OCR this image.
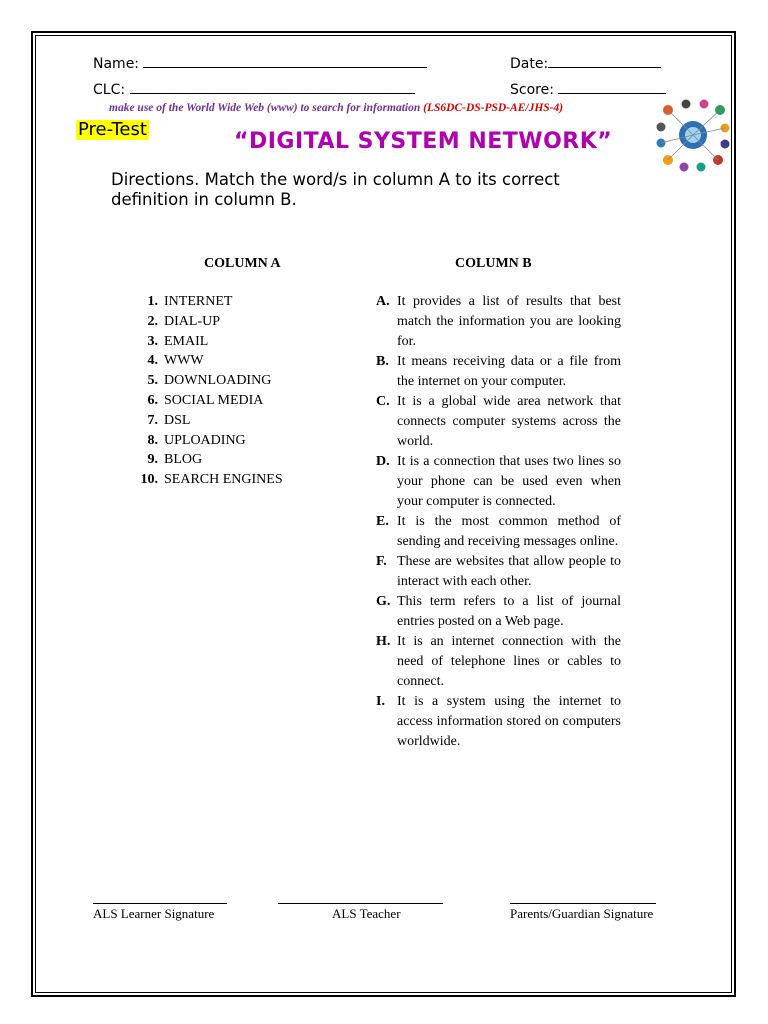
Name:	Date:
CLC:	Score:
make use of the World Wide Web (www) to search for information (LS6DC-DS-PSD-AE/JHS-4)
Pre-Test	“DIGITAL SYSTEM NETWORK”
Directions. Match the word/s in column A to its correct definition in column B.
COLUMN A	COLUMN B
1. INTERNET
2. DIAL-UP
3. EMAIL
4. WWW
5. DOWNLOADING
6. SOCIAL MEDIA
7. DSL
8. UPLOADING
9. BLOG
10. SEARCH ENGINES
A. It provides a list of results that best match the information you are looking for.
B. It means receiving data or a file from the internet on your computer.
C. It is a global wide area network that connects computer systems across the world.
D. It is a connection that uses two lines so your phone can be used even when your computer is connected.
E. It is the most common method of sending and receiving messages online.
F. These are websites that allow people to interact with each other.
G. This term refers to a list of journal entries posted on a Web page.
H. It is an internet connection with the need of telephone lines or cables to connect.
I. It is a system using the internet to access information stored on computers worldwide.
ALS Learner Signature	ALS Teacher	Parents/Guardian Signature
